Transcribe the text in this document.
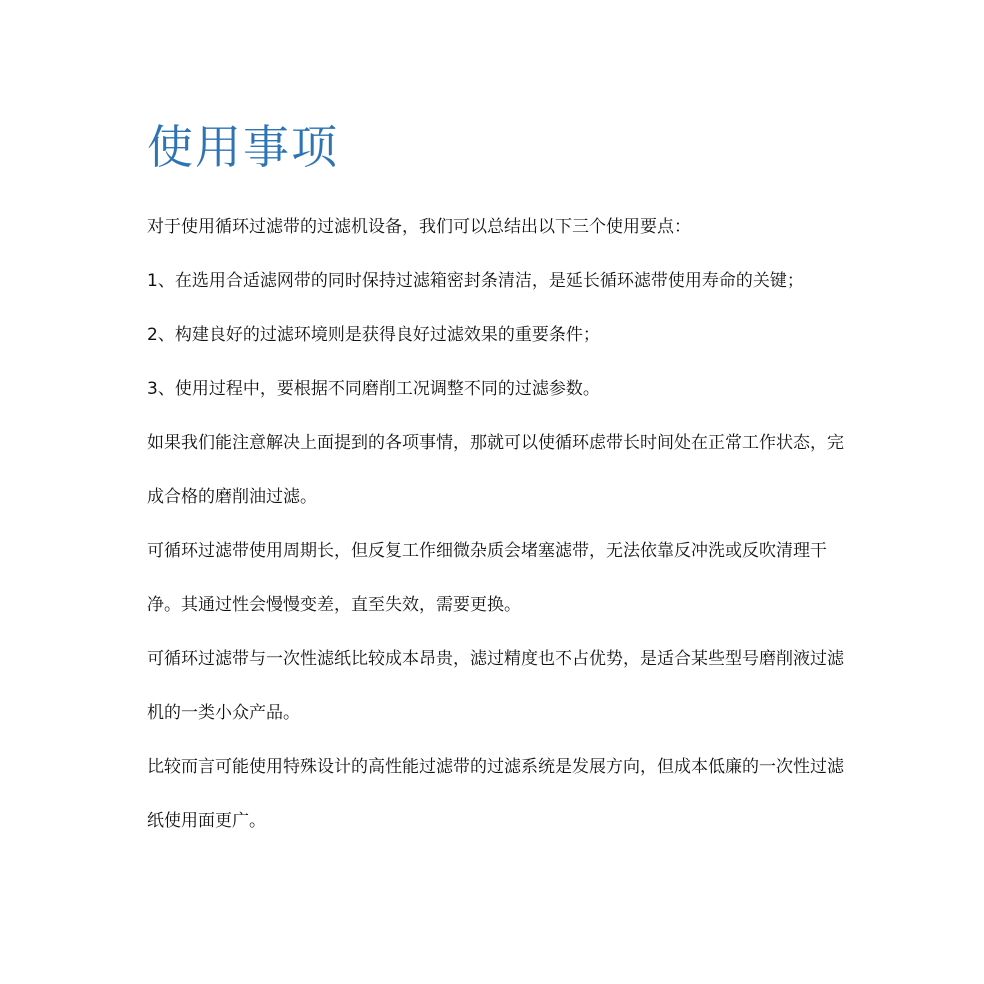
使用事项

对于使用循环过滤带的过滤机设备，我们可以总结出以下三个使用要点：

1、在选用合适滤网带的同时保持过滤箱密封条清洁，是延长循环滤带使用寿命的关键；

2、构建良好的过滤环境则是获得良好过滤效果的重要条件；

3、使用过程中，要根据不同磨削工况调整不同的过滤参数。

如果我们能注意解决上面提到的各项事情，那就可以使循环虑带长时间处在正常工作状态，完成合格的磨削油过滤。

可循环过滤带使用周期长，但反复工作细微杂质会堵塞滤带，无法依靠反冲洗或反吹清理干净。其通过性会慢慢变差，直至失效，需要更换。

可循环过滤带与一次性滤纸比较成本昂贵，滤过精度也不占优势，是适合某些型号磨削液过滤机的一类小众产品。

比较而言可能使用特殊设计的高性能过滤带的过滤系统是发展方向，但成本低廉的一次性过滤纸使用面更广。
